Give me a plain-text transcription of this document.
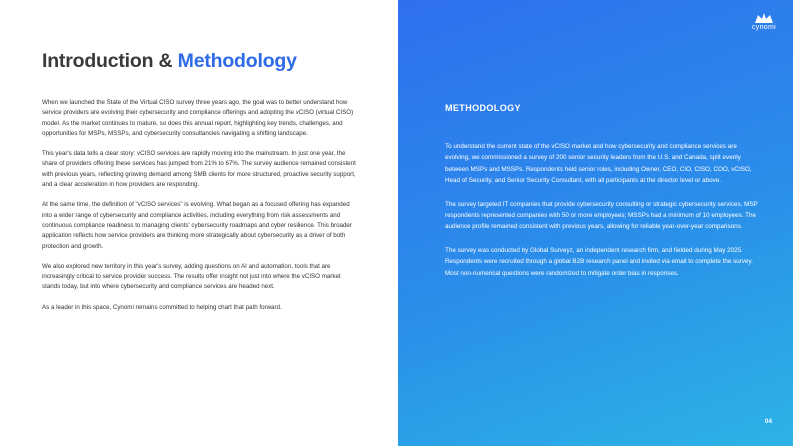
Introduction & Methodology

When we launched the State of the Virtual CISO survey three years ago, the goal was to better understand how service providers are evolving their cybersecurity and compliance offerings and adopting the vCISO (virtual CISO) model. As the market continues to mature, so does this annual report, highlighting key trends, challenges, and opportunities for MSPs, MSSPs, and cybersecurity consultancies navigating a shifting landscape.

This year's data tells a clear story: vCISO services are rapidly moving into the mainstream. In just one year, the share of providers offering these services has jumped from 21% to 67%. The survey audience remained consistent with previous years, reflecting growing demand among SMB clients for more structured, proactive security support, and a clear acceleration in how providers are responding.

At the same time, the definition of "vCISO services" is evolving. What began as a focused offering has expanded into a wider range of cybersecurity and compliance activities, including everything from risk assessments and continuous compliance readiness to managing clients' cybersecurity roadmaps and cyber resilience. This broader application reflects how service providers are thinking more strategically about cybersecurity as a driver of both protection and growth.

We also explored new territory in this year's survey, adding questions on AI and automation, tools that are increasingly critical to service provider success. The results offer insight not just into where the vCISO market stands today, but into where cybersecurity and compliance services are headed next.

As a leader in this space, Cynomi remains committed to helping chart that path forward.

cynomi
METHODOLOGY

To understand the current state of the vCISO market and how cybersecurity and compliance services are evolving, we commissioned a survey of 200 senior security leaders from the U.S. and Canada, split evenly between MSPs and MSSPs. Respondents held senior roles, including Owner, CEO, CIO, CISO, COO, vCISO, Head of Security, and Senior Security Consultant, with all participants at the director level or above.

The survey targeted IT companies that provide cybersecurity consulting or strategic cybersecurity services. MSP respondents represented companies with 50 or more employees; MSSPs had a minimum of 10 employees. The audience profile remained consistent with previous years, allowing for reliable year-over-year comparisons.

The survey was conducted by Global Surveyz, an independent research firm, and fielded during May 2025. Respondents were recruited through a global B2B research panel and invited via email to complete the survey. Most non-numerical questions were randomized to mitigate order bias in responses.

04
